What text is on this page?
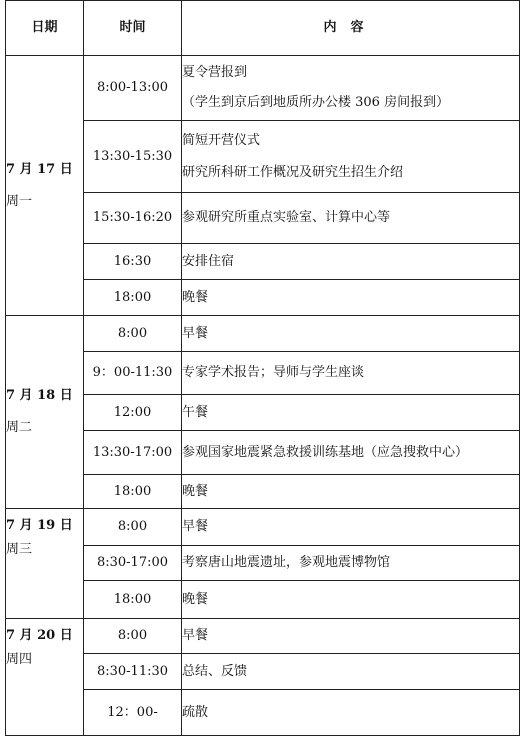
日期	时间	内容
7 月 17 日
周一	8:00-13:00	夏令营报到
（学生到京后到地质所办公楼 306 房间报到）

	13:30-15:30	简短开营仪式
研究所科研工作概况及研究生招生介绍

	15:30-16:20	参观研究所重点实验室、计算中心等
	16:30	安排住宿
	18:00	晚餐
7 月 18 日
周二	8:00	早餐
	9：00-11:30	专家学术报告；导师与学生座谈
	12:00	午餐
	13:30-17:00	参观国家地震紧急救援训练基地（应急搜救中心）
	18:00	晚餐
7 月 19 日
周三	8:00	早餐
	8:30-17:00	考察唐山地震遗址，参观地震博物馆
	18:00	晚餐
7 月 20 日
周四	8:00	早餐
	8:30-11:30	总结、反馈
	12：00-	疏散
